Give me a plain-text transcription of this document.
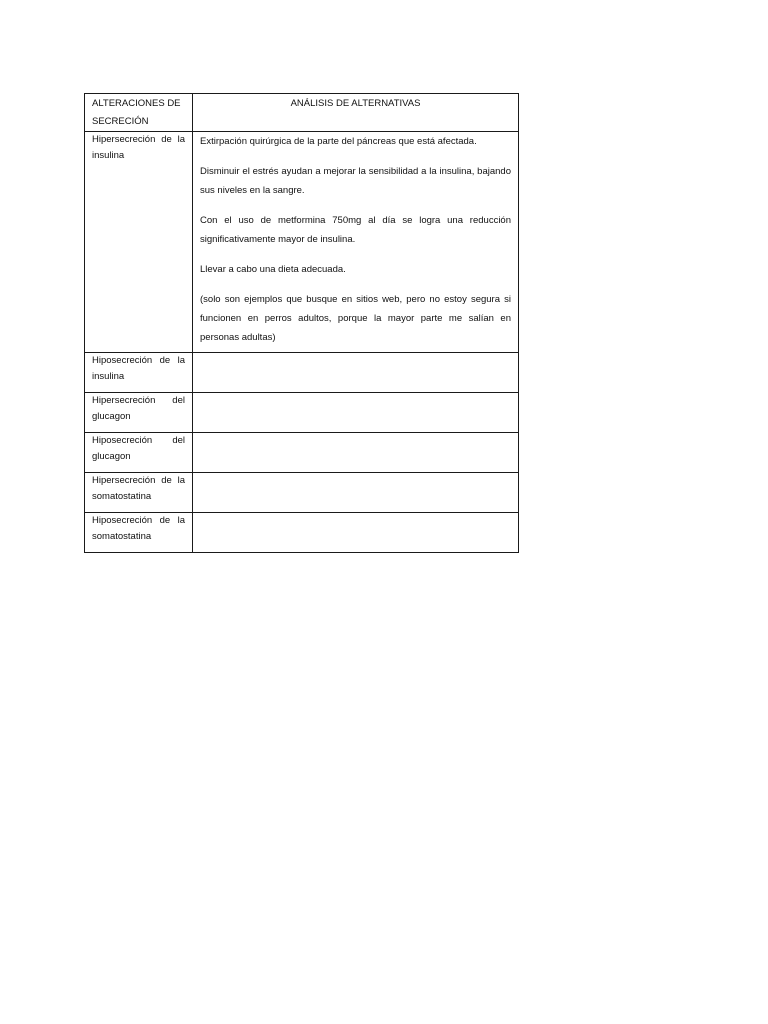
ALTERACIONES DE SECRECIÓN	ANÁLISIS DE ALTERNATIVAS
Hipersecreción de la insulina	Extirpación quirúrgica de la parte del páncreas que está afectada.

Disminuir el estrés ayudan a mejorar la sensibilidad a la insulina, bajando sus niveles en la sangre.

Con el uso de metformina 750mg al día se logra una reducción significativamente mayor de insulina.

Llevar a cabo una dieta adecuada.

(solo son ejemplos que busque en sitios web, pero no estoy segura si funcionen en perros adultos, porque la mayor parte me salían en personas adultas)

Hiposecreción de la insulina	
Hipersecreción del glucagon	
Hiposecreción del glucagon	
Hipersecreción de la somatostatina	
Hiposecreción de la somatostatina	
